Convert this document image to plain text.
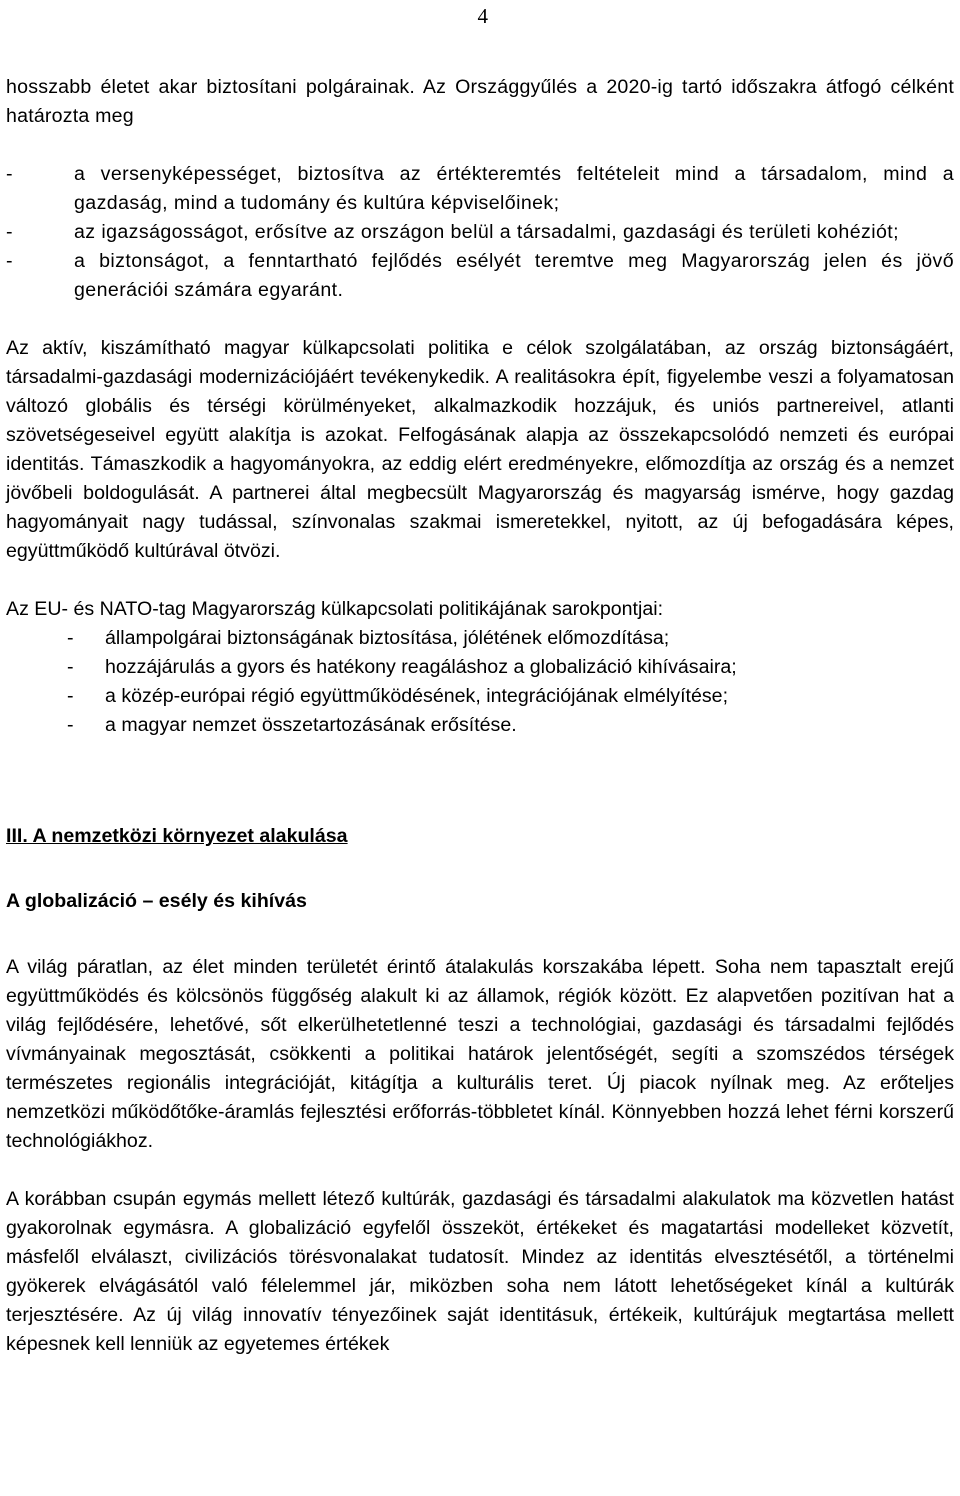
4

hosszabb életet akar biztosítani polgárainak. Az Országgyűlés a 2020-ig tartó időszakra átfogó célként határozta meg

-	a versenyképességet, biztosítva az értékteremtés feltételeit mind a társadalom, mind a gazdaság, mind a tudomány és kultúra képviselőinek;
-	az igazságosságot, erősítve az országon belül a társadalmi, gazdasági és területi kohéziót;
-	a biztonságot, a fenntartható fejlődés esélyét teremtve meg Magyarország jelen és jövő generációi számára egyaránt.

Az aktív, kiszámítható magyar külkapcsolati politika e célok szolgálatában, az ország biztonságáért, társadalmi-gazdasági modernizációjáért tevékenykedik. A realitásokra épít, figyelembe veszi a folyamatosan változó globális és térségi körülményeket, alkalmazkodik hozzájuk, és uniós partnereivel, atlanti szövetségeseivel együtt alakítja is azokat. Felfogásának alapja az összekapcsolódó nemzeti és európai identitás. Támaszkodik a hagyományokra, az eddig elért eredményekre, előmozdítja az ország és a nemzet jövőbeli boldogulását. A partnerei által megbecsült Magyarország és magyarság ismérve, hogy gazdag hagyományait nagy tudással, színvonalas szakmai ismeretekkel, nyitott, az új befogadására képes, együttműködő kultúrával ötvözi.

Az EU- és NATO-tag Magyarország külkapcsolati politikájának sarokpontjai:

- állampolgárai biztonságának biztosítása, jólétének előmozdítása;
- hozzájárulás a gyors és hatékony reagáláshoz a globalizáció kihívásaira;
- a közép-európai régió együttműködésének, integrációjának elmélyítése;
- a magyar nemzet összetartozásának erősítése.

III. A nemzetközi környezet alakulása

A globalizáció – esély és kihívás

A világ páratlan, az élet minden területét érintő átalakulás korszakába lépett. Soha nem tapasztalt erejű együttműködés és kölcsönös függőség alakult ki az államok, régiók között. Ez alapvetően pozitívan hat a világ fejlődésére, lehetővé, sőt elkerülhetetlenné teszi a technológiai, gazdasági és társadalmi fejlődés vívmányainak megosztását, csökkenti a politikai határok jelentőségét, segíti a szomszédos térségek természetes regionális integrációját, kitágítja a kulturális teret. Új piacok nyílnak meg. Az erőteljes nemzetközi működőtőke-áramlás fejlesztési erőforrás-többletet kínál. Könnyebben hozzá lehet férni korszerű technológiákhoz.

A korábban csupán egymás mellett létező kultúrák, gazdasági és társadalmi alakulatok ma közvetlen hatást gyakorolnak egymásra. A globalizáció egyfelől összeköt, értékeket és magatartási modelleket közvetít, másfelől elválaszt, civilizációs törésvonalakat tudatosít. Mindez az identitás elvesztésétől, a történelmi gyökerek elvágásától való félelemmel jár, miközben soha nem látott lehetőségeket kínál a kultúrák terjesztésére. Az új világ innovatív tényezőinek saját identitásuk, értékeik, kultúrájuk megtartása mellett képesnek kell lenniük az egyetemes értékek
